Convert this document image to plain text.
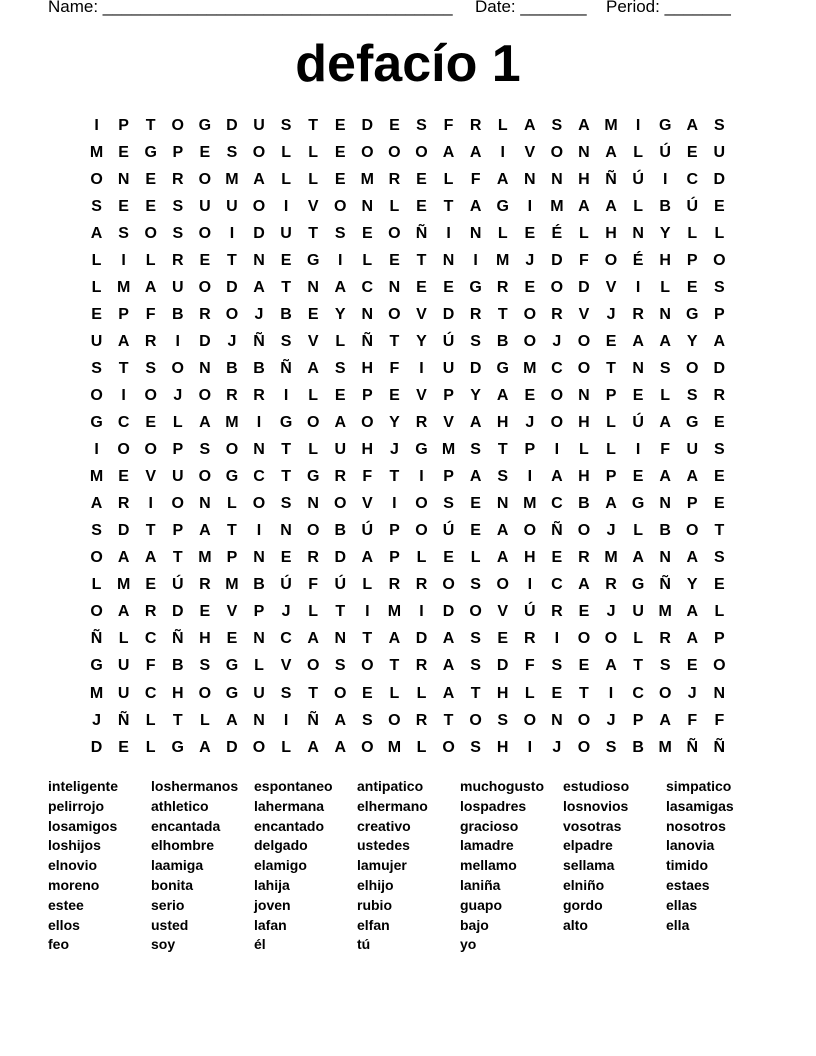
Name: _____________________________________ Date: _______ Period: _______
defacío 1
I	P	T O G D U S	T	E D E	S	F	R	L	A S A M	I	G A S
M E G P	E	S O L	L	E O O O A A	I	V O N A	L	Ú E U
O N E R O M A	L	L	E M R E	L	F	A N N H Ñ Ú	I	C D
S	E	E	S U U O	I	V O N	L	E	T	A G	I	M A A	L	B Ú E
A S O S O	I	D U	T	S	E O Ñ	I	N	L	E	É	L	H N Y	L	L
L	I	L	R E	T	N E G	I	L	E	T	N	I	M J	D	F O É H P O
L M A U O D A	T	N A C N E	E G R E O D V	I	L	E	S
E	P	F	B R O	J	B E	Y N O V D R	T O R V	J	R N G P
U A R	I	D	J	Ñ S	V	L	Ñ	T	Y Ú S B O	J	O E A A Y A
S	T	S O N B B Ñ A S H	F	I	U D G M C O T	N S O D
O	I	O	J	O R R	I	L	E	P	E	V	P	Y A E O N P	E	L	S R
G C E	L	A M	I	G O A O Y R V A H	J	O H	L	Ú A G E
I	O O P	S O N	T	L	U H	J	G M S	T	P	I	L	L	I	F	U S
M E	V U O G C	T G R	F	T	I	P A S	I	A H P	E A A E
A R	I	O N	L O S N O V	I	O S	E N M C B A G N P	E
S D	T	P A	T	I	N O B Ú P O Ú E A O Ñ O	J	L	B O T
O A A	T M P N E R D A P	L	E	L	A H E R M A N A S
L M E Ú R M B Ú	F	Ú	L	R R O S O	I	C A R G Ñ Y	E
O A R D E	V	P	J	L	T	I	M	I	D O V Ú R E	J	U M A	L
Ñ	L	C Ñ H E N C A N	T	A D A S	E R	I	O O L	R A P
G U	F	B S G L	V O S O T	R A S D	F	S	E A	T	S	E O
M U C H O G U S	T O E	L	L	A	T	H	L	E	T	I	C O	J	N
J	Ñ	L	T	L	A N	I	Ñ A S O R	T O S O N O	J	P A	F	F
D E	L G A D O L	A A O M L O S H	I	J	O S B M Ñ Ñ
inteligente	loshermanos	espontaneo	antipatico	muchogusto	estudioso	simpatico
pelirrojo	athletico	lahermana	elhermano	lospadres	losnovios	lasamigas
losamigos	encantada	encantado	creativo	gracioso	vosotras	nosotros
loshijos	elhombre	delgado	ustedes	lamadre	elpadre	lanovia
elnovio	laamiga	elamigo	lamujer	mellamo	sellama	timido
moreno	bonita	lahija	elhijo	laniña	elniño	estaes
estee	serio	joven	rubio	guapo	gordo	ellas
ellos	usted	lafan	elfan	bajo	alto	ella
feo	soy	él	tú	yo
